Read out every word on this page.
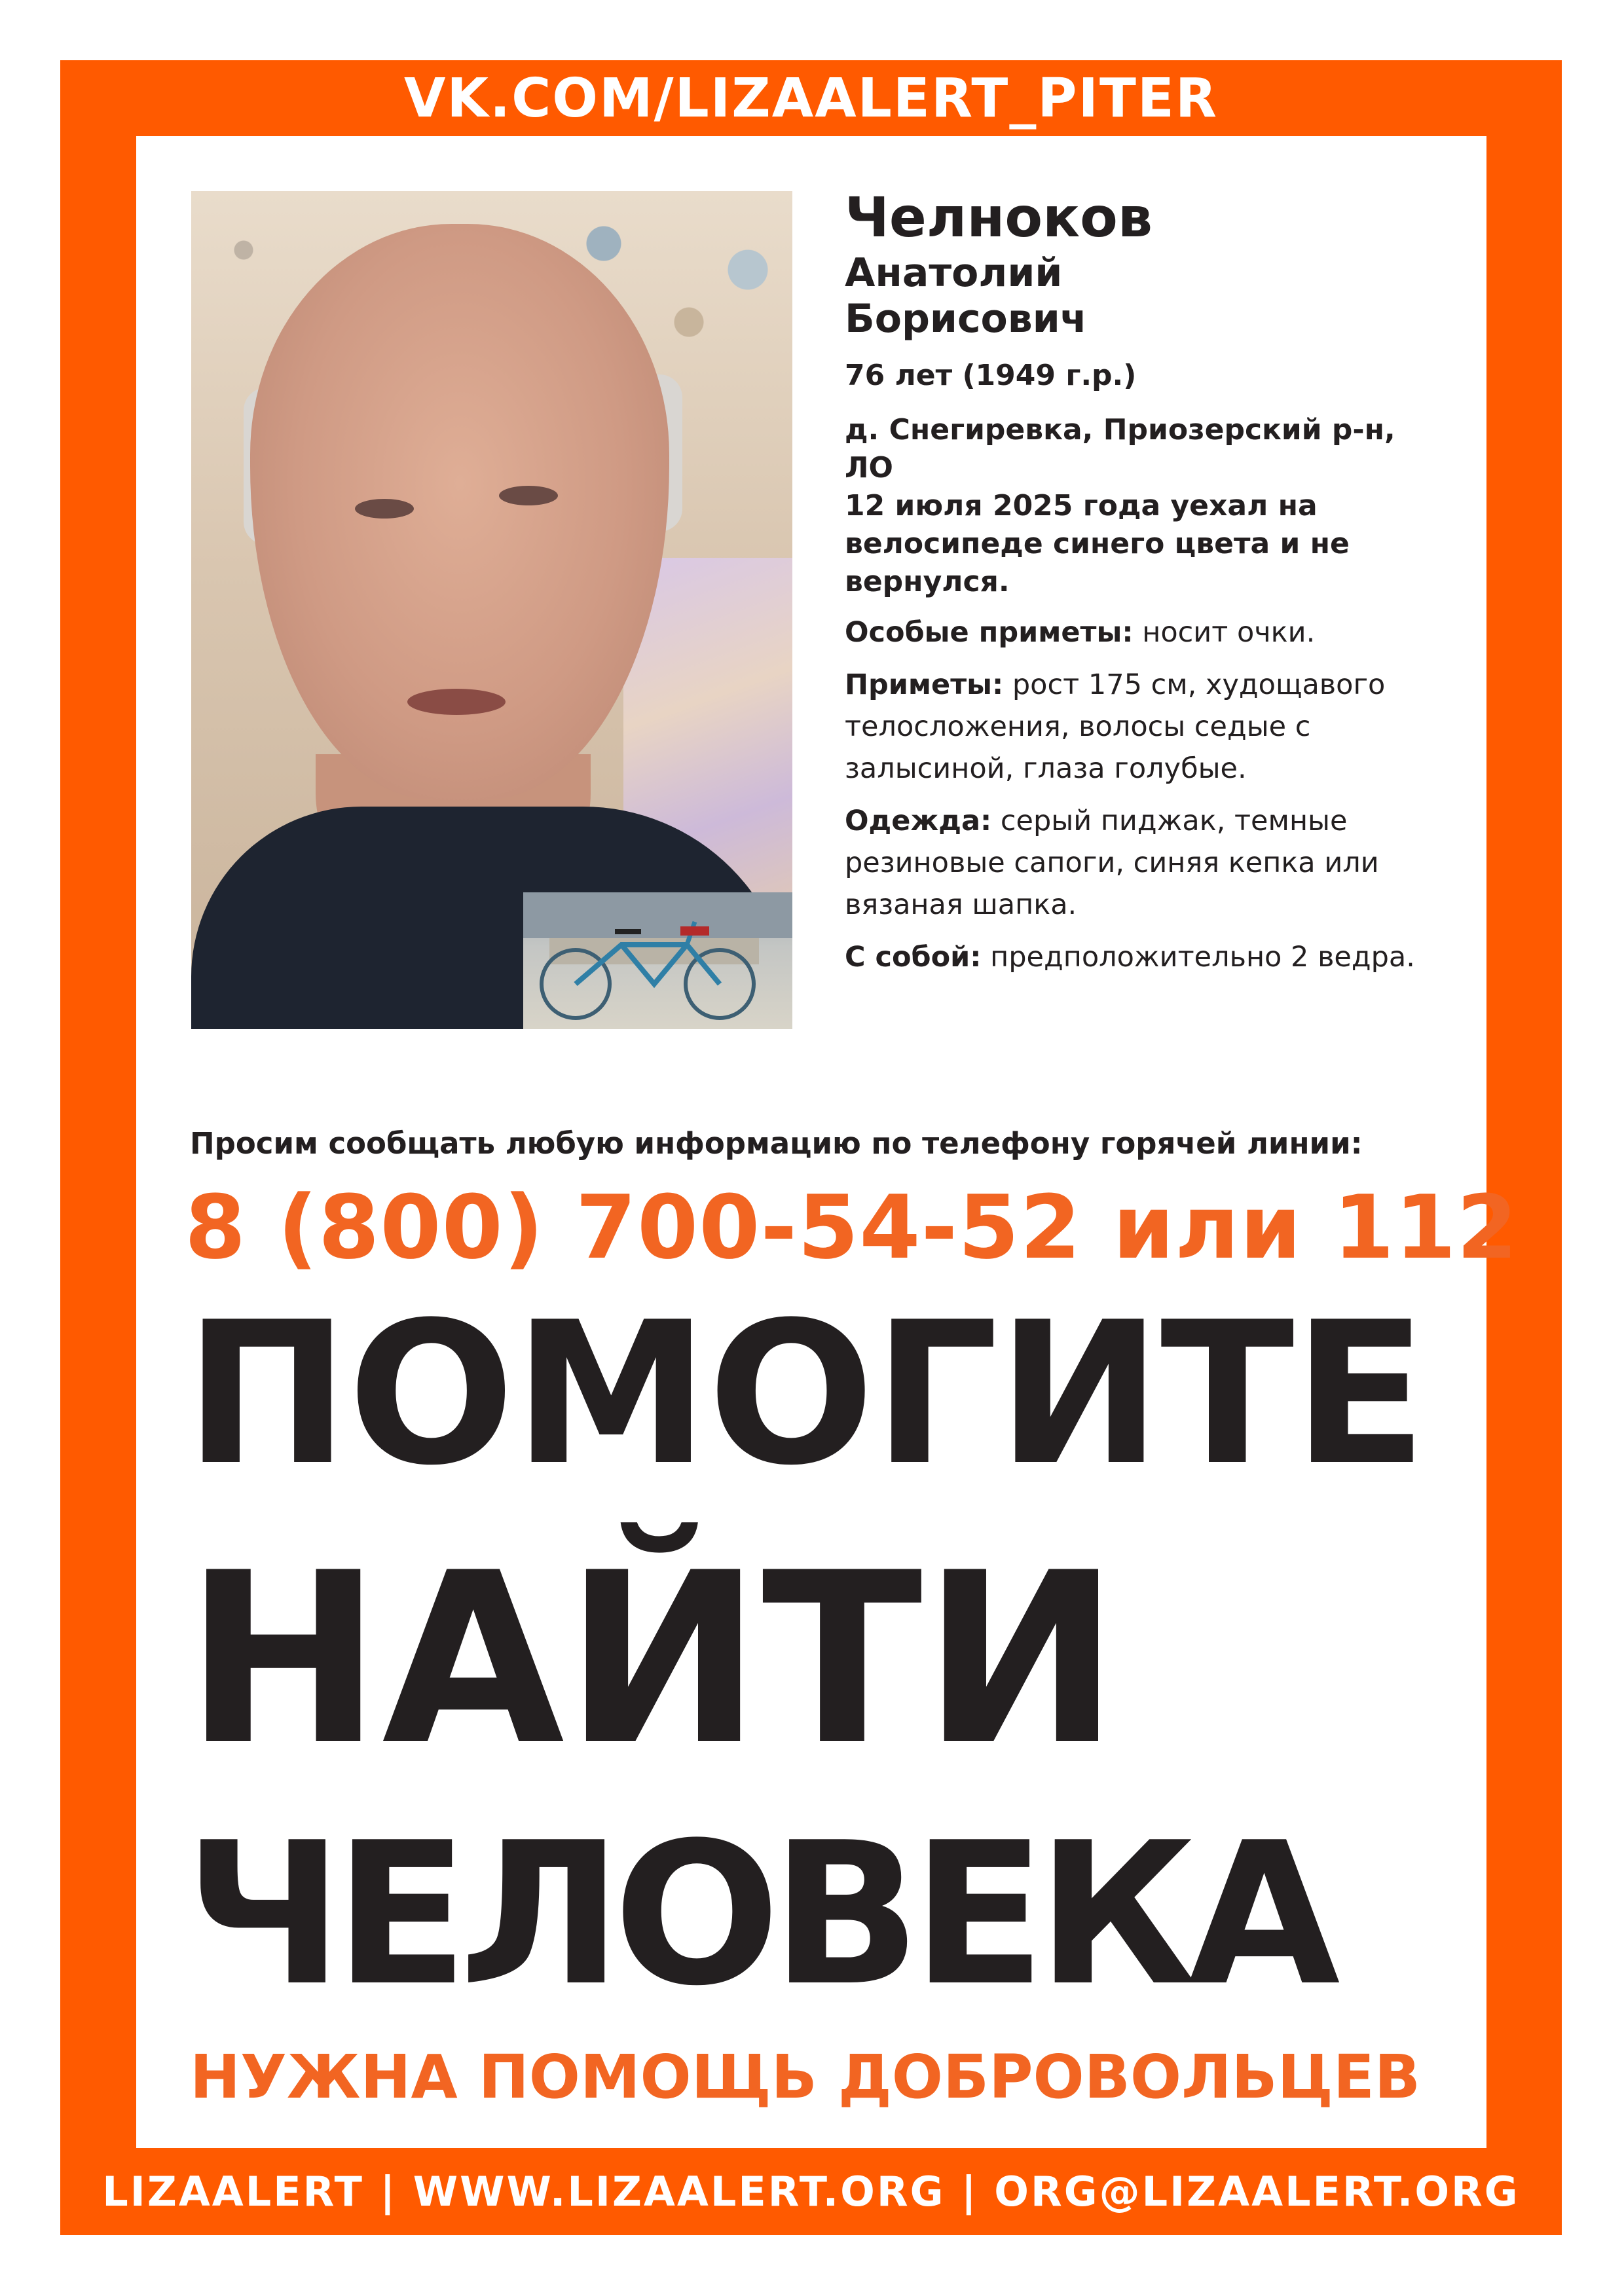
VK.COM/LIZAALERT_PITER
Челноков
Анатолий
Борисович
76 лет (1949 г.р.)
д. Снегиревка, Приозерский р-н, ЛО
12 июля 2025 года уехал на велосипеде синего цвета и не вернулся.
Особые приметы: носит очки.
Приметы: рост 175 см, худощавого телосложения, волосы седые с залысиной, глаза голубые.
Одежда: серый пиджак, темные резиновые сапоги, синяя кепка или вязаная шапка.
С собой: предположительно 2 ведра.
Просим сообщать любую информацию по телефону горячей линии:
8 (800) 700-54-52 или 112
ПОМОГИТЕ
НАЙТИ
ЧЕЛОВЕКА
НУЖНА ПОМОЩЬ ДОБРОВОЛЬЦЕВ
LIZAALERT | WWW.LIZAALERT.ORG | ORG@LIZAALERT.ORG
